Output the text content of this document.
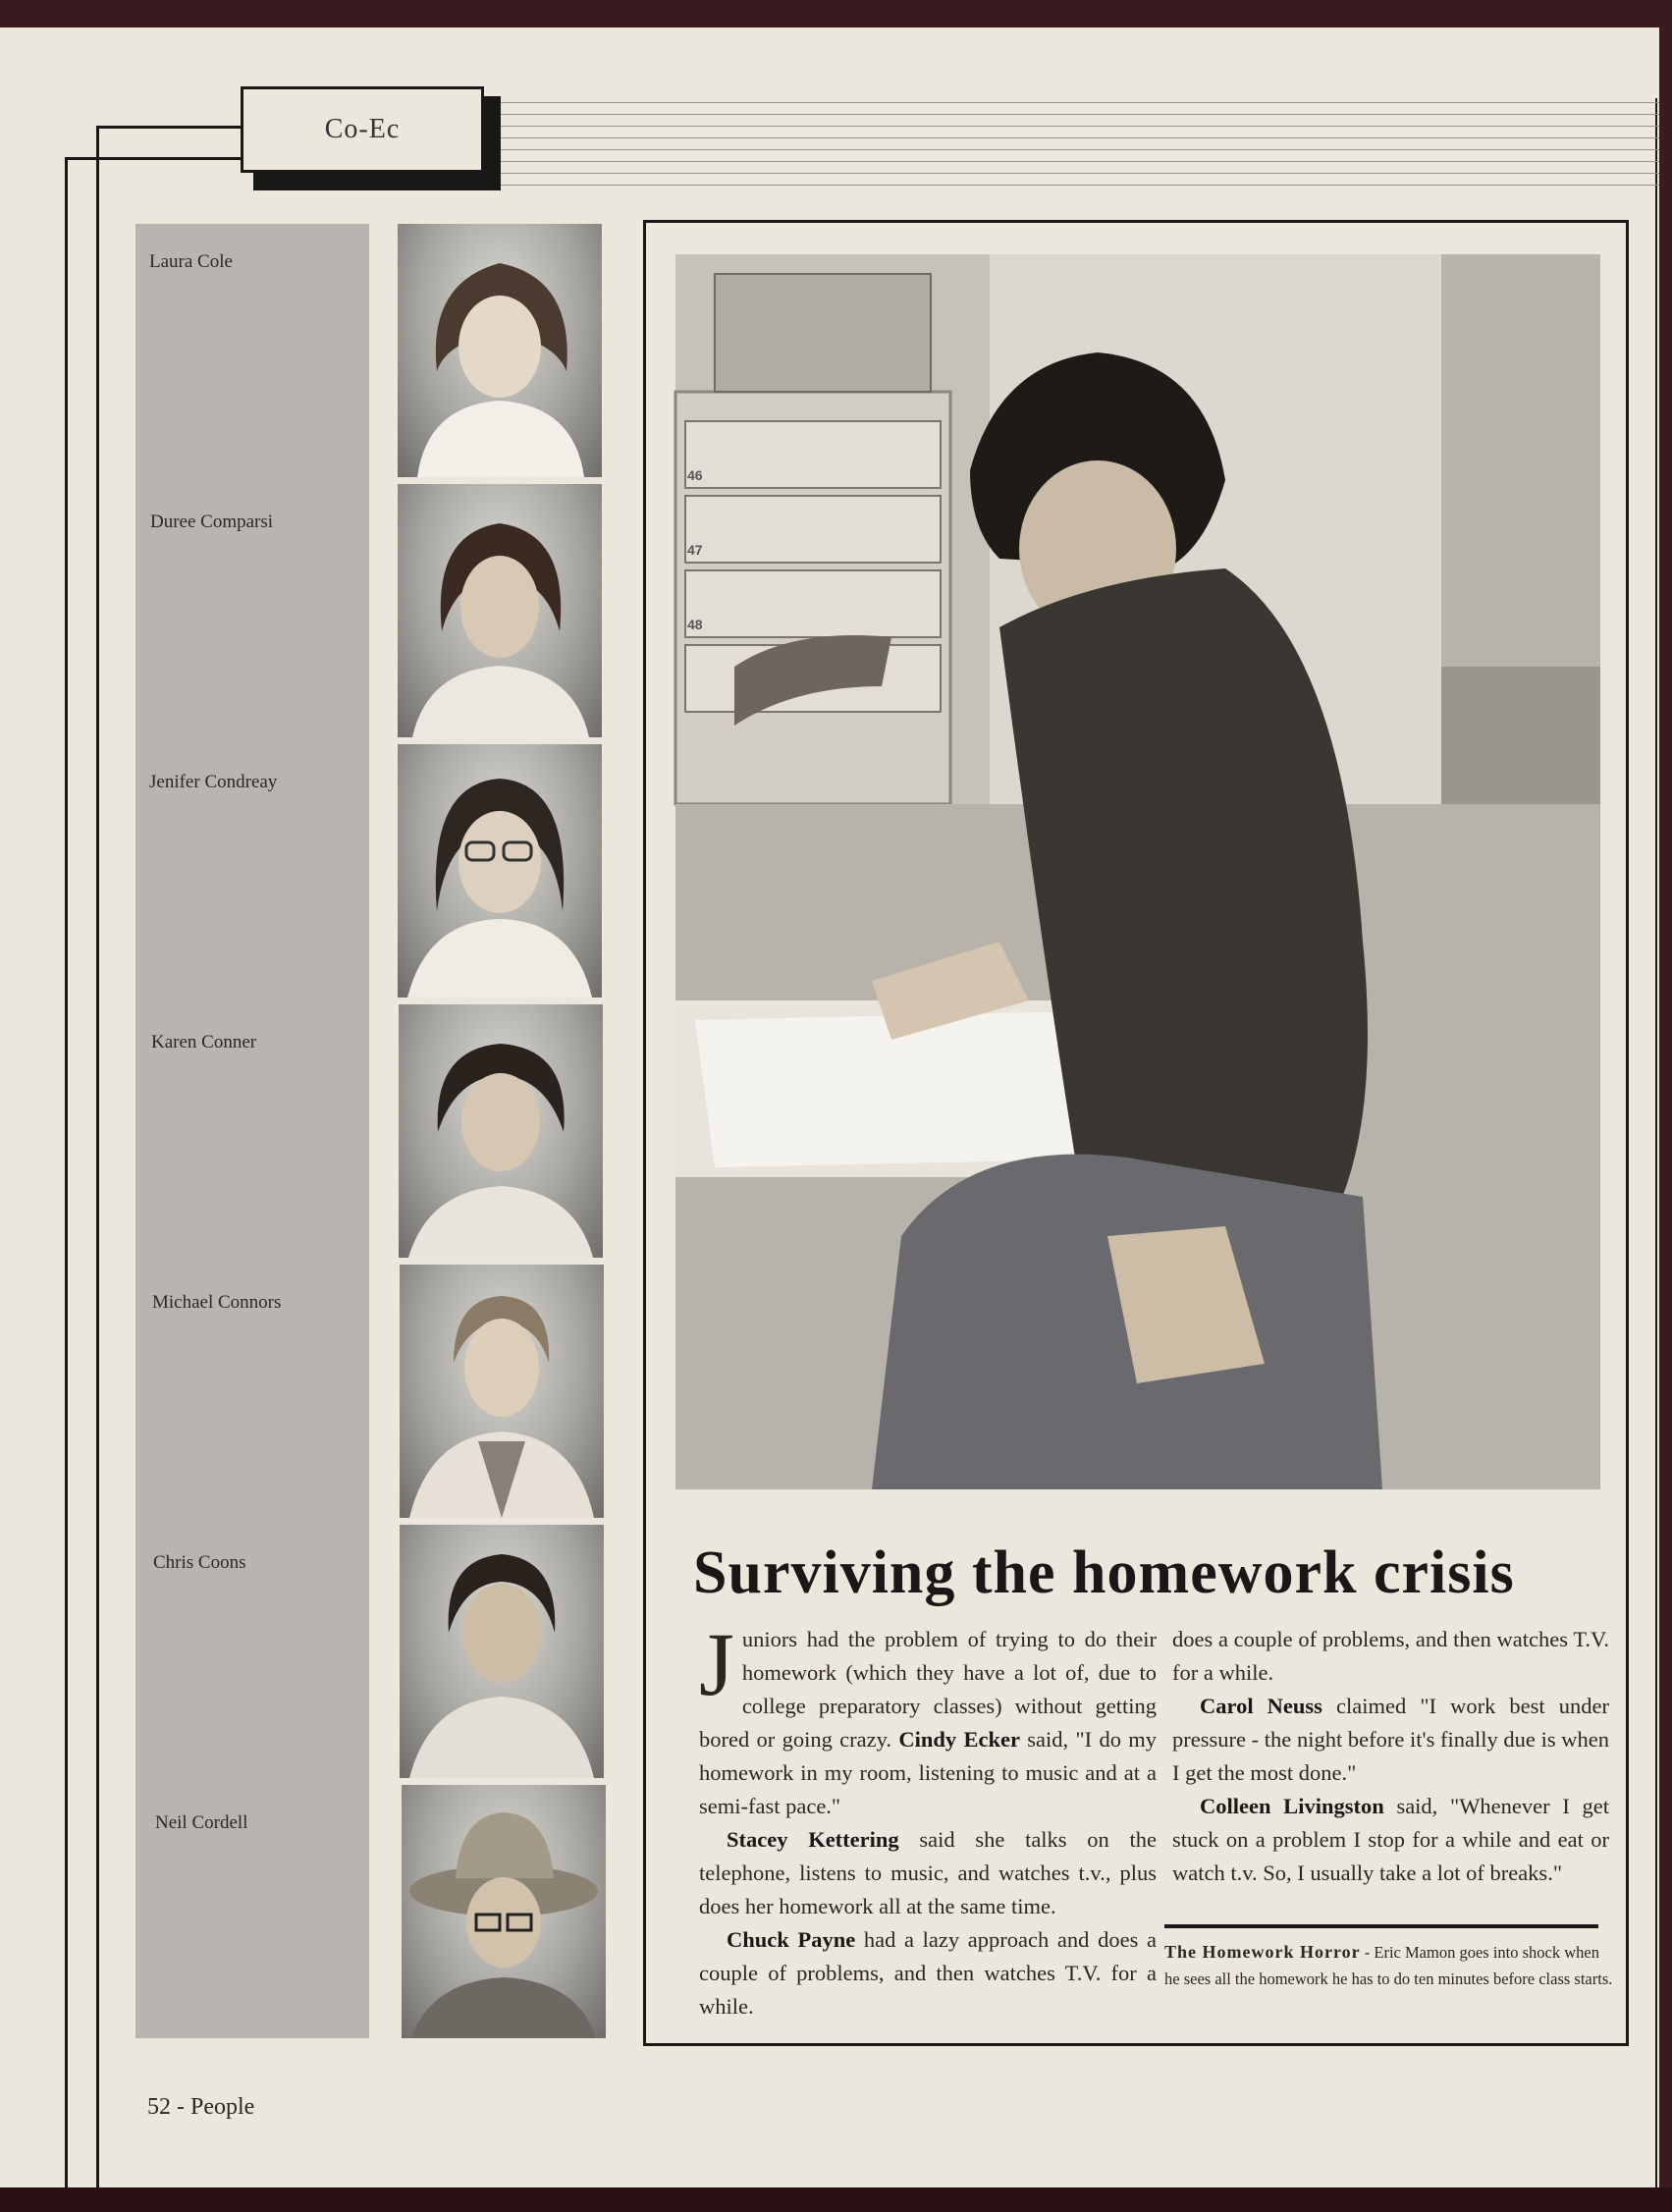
Co-Ec
Laura Cole
Duree Comparsi
Jenifer Condreay
Karen Conner
Michael Connors
Chris Coons
Neil Cordell
46
47
48
Surviving the homework crisis

Juniors had the problem of trying to do their homework (which they have a lot of, due to college preparatory classes) without getting bored or going crazy. Cindy Ecker said, "I do my homework in my room, listening to music and at a semi-fast pace."

Stacey Kettering said she talks on the telephone, listens to music, and watches t.v., plus does her homework all at the same time.

Chuck Payne had a lazy approach and does a couple of problems, and then watches T.V. for a while.

does a couple of problems, and then watches T.V. for a while.

Carol Neuss claimed "I work best under pressure - the night before it's finally due is when I get the most done."

Colleen Livingston said, "Whenever I get stuck on a problem I stop for a while and eat or watch t.v. So, I usually take a lot of breaks."

The Homework Horror - Eric Mamon goes into shock when he sees all the homework he has to do ten minutes before class starts.
52 - People
